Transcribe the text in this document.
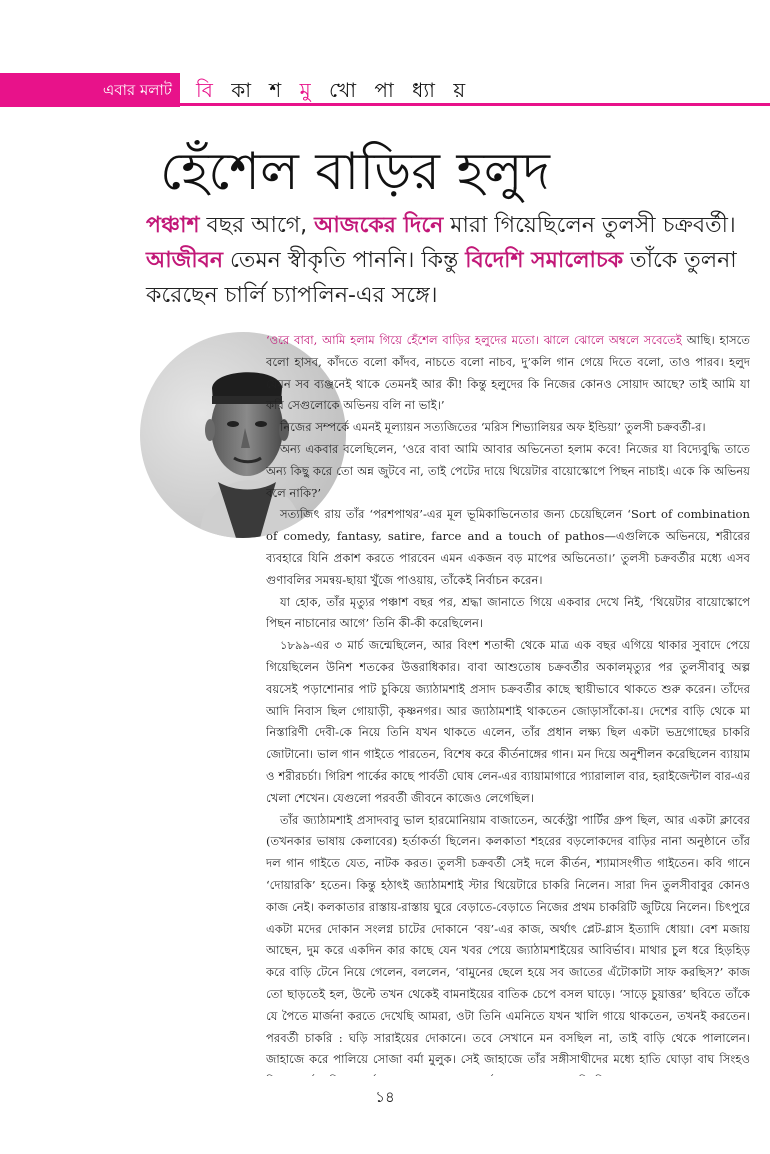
এবার মলাট	বি কা শ মু খো পা ধ্যা য়
হেঁশেল বাড়ির হলুদ
পঞ্চাশ বছর আগে, আজকের দিনে মারা গিয়েছিলেন তুলসী চক্রবর্তী। আজীবন তেমন স্বীকৃতি পাননি। কিন্তু বিদেশি সমালোচক তাঁকে তুলনা করেছেন চার্লি চ্যাপলিন-এর সঙ্গে।

‘ওরে বাবা, আমি হলাম গিয়ে হেঁশেল বাড়ির হলুদের মতো। ঝালে ঝোলে অম্বলে সবেতেই আছি। হাসতে বলো হাসব, কাঁদতে বলো কাঁদব, নাচতে বলো নাচব, দু’কলি গান গেয়ে দিতে বলো, তাও পারব। হলুদ যেমন সব ব্যঞ্জনেই থাকে তেমনই আর কী! কিন্তু হলুদের কি নিজের কোনও সোয়াদ আছে? তাই আমি যা করি সেগুলোকে অভিনয় বলি না ভাই।’

নিজের সম্পর্কে এমনই মূল্যায়ন সত্যজিতের ‘মরিস শিভ্যালিয়র অফ ইন্ডিয়া’ তুলসী চক্রবর্তী-র।

অন্য একবার বলেছিলেন, ‘ওরে বাবা আমি আবার অভিনেতা হলাম কবে! নিজের যা বিদ্যেবুদ্ধি তাতে অন্য কিছু করে তো অন্ন জুটবে না, তাই পেটের দায়ে থিয়েটার বায়োস্কোপে পিছন নাচাই। একে কি অভিনয় বলে নাকি?’

সত্যজিৎ রায় তাঁর ‘পরশপাথর’-এর মূল ভূমিকাভিনেতার জন্য চেয়েছিলেন ‘Sort of combination of comedy, fantasy, satire, farce and a touch of pathos—এগুলিকে অভিনয়ে, শরীরের ব্যবহারে যিনি প্রকাশ করতে পারবেন এমন একজন বড় মাপের অভিনেতা।’ তুলসী চক্রবর্তীর মধ্যে এসব গুণাবলির সমন্বয়-ছায়া খুঁজে পাওয়ায়, তাঁকেই নির্বাচন করেন।

যা হোক, তাঁর মৃত্যুর পঞ্চাশ বছর পর, শ্রদ্ধা জানাতে গিয়ে একবার দেখে নিই, ‘থিয়েটার বায়োস্কোপে পিছন নাচানোর আগে’ তিনি কী-কী করেছিলেন।

১৮৯৯-এর ৩ মার্চ জন্মেছিলেন, আর বিংশ শতাব্দী থেকে মাত্র এক বছর এগিয়ে থাকার সুবাদে পেয়ে গিয়েছিলেন উনিশ শতকের উত্তরাধিকার। বাবা আশুতোষ চক্রবর্তীর অকালমৃত্যুর পর তুলসীবাবু অল্প বয়সেই পড়াশোনার পাট চুকিয়ে জ্যাঠামশাই প্রসাদ চক্রবর্তীর কাছে স্থায়ীভাবে থাকতে শুরু করেন। তাঁদের আদি নিবাস ছিল গোয়াড়ী, কৃষ্ণনগর। আর জ্যাঠামশাই থাকতেন জোড়াসাঁকো-য়। দেশের বাড়ি থেকে মা নিস্তারিণী দেবী-কে নিয়ে তিনি যখন থাকতে এলেন, তাঁর প্রধান লক্ষ্য ছিল একটা ভদ্রগোছের চাকরি জোটানো। ভাল গান গাইতে পারতেন, বিশেষ করে কীর্তনাঙ্গের গান। মন দিয়ে অনুশীলন করেছিলেন ব্যায়াম ও শরীরচর্চা। গিরিশ পার্কের কাছে পার্বতী ঘোষ লেন-এর ব্যায়ামাগারে প্যারালাল বার, হরাইজেন্টাল বার-এর খেলা শেখেন। যেগুলো পরবর্তী জীবনে কাজেও লেগেছিল।

তাঁর জ্যাঠামশাই প্রসাদবাবু ভাল হারমোনিয়াম বাজাতেন, অর্কেস্ট্রা পার্টির গ্রুপ ছিল, আর একটা ক্লাবের (তখনকার ভাষায় কেলাবের) হর্তাকর্তা ছিলেন। কলকাতা শহরের বড়লোকদের বাড়ির নানা অনুষ্ঠানে তাঁর দল গান গাইতে যেত, নাটক করত। তুলসী চক্রবর্তী সেই দলে কীর্তন, শ্যামাসংগীত গাইতেন। কবি গানে ‘দোয়ারকি’ হতেন। কিন্তু হঠাৎই জ্যাঠামশাই স্টার থিয়েটারে চাকরি নিলেন। সারা দিন তুলসীবাবুর কোনও কাজ নেই। কলকাতার রাস্তায়-রাস্তায় ঘুরে বেড়াতে-বেড়াতে নিজের প্রথম চাকরিটি জুটিয়ে নিলেন। চিৎপুরে একটা মদের দোকান সংলগ্ন চাটের দোকানে ‘বয়’-এর কাজ, অর্থাৎ প্লেট-গ্লাস ইত্যাদি ধোয়া। বেশ মজায় আছেন, দুম করে একদিন কার কাছে যেন খবর পেয়ে জ্যাঠামশাইয়ের আবির্ভাব। মাথার চুল ধরে হিড়হিড় করে বাড়ি টেনে নিয়ে গেলেন, বললেন, ‘বামুনের ছেলে হয়ে সব জাতের এঁটোকাটা সাফ করছিস?’ কাজ তো ছাড়তেই হল, উল্টে তখন থেকেই বামনাইয়ের বাতিক চেপে বসল ঘাড়ে। ‘সাড়ে চুয়াত্তর’ ছবিতে তাঁকে যে পৈতে মার্জনা করতে দেখেছি আমরা, ওটা তিনি এমনিতে যখন খালি গায়ে থাকতেন, তখনই করতেন। পরবর্তী চাকরি : ঘড়ি সারাইয়ের দোকানে। তবে সেখানে মন বসছিল না, তাই বাড়ি থেকে পালালেন। জাহাজে করে পালিয়ে সোজা বর্মা মুলুক। সেই জাহাজে তাঁর সঙ্গীসাথীদের মধ্যে হাতি ঘোড়া বাঘ সিংহও

১৪
